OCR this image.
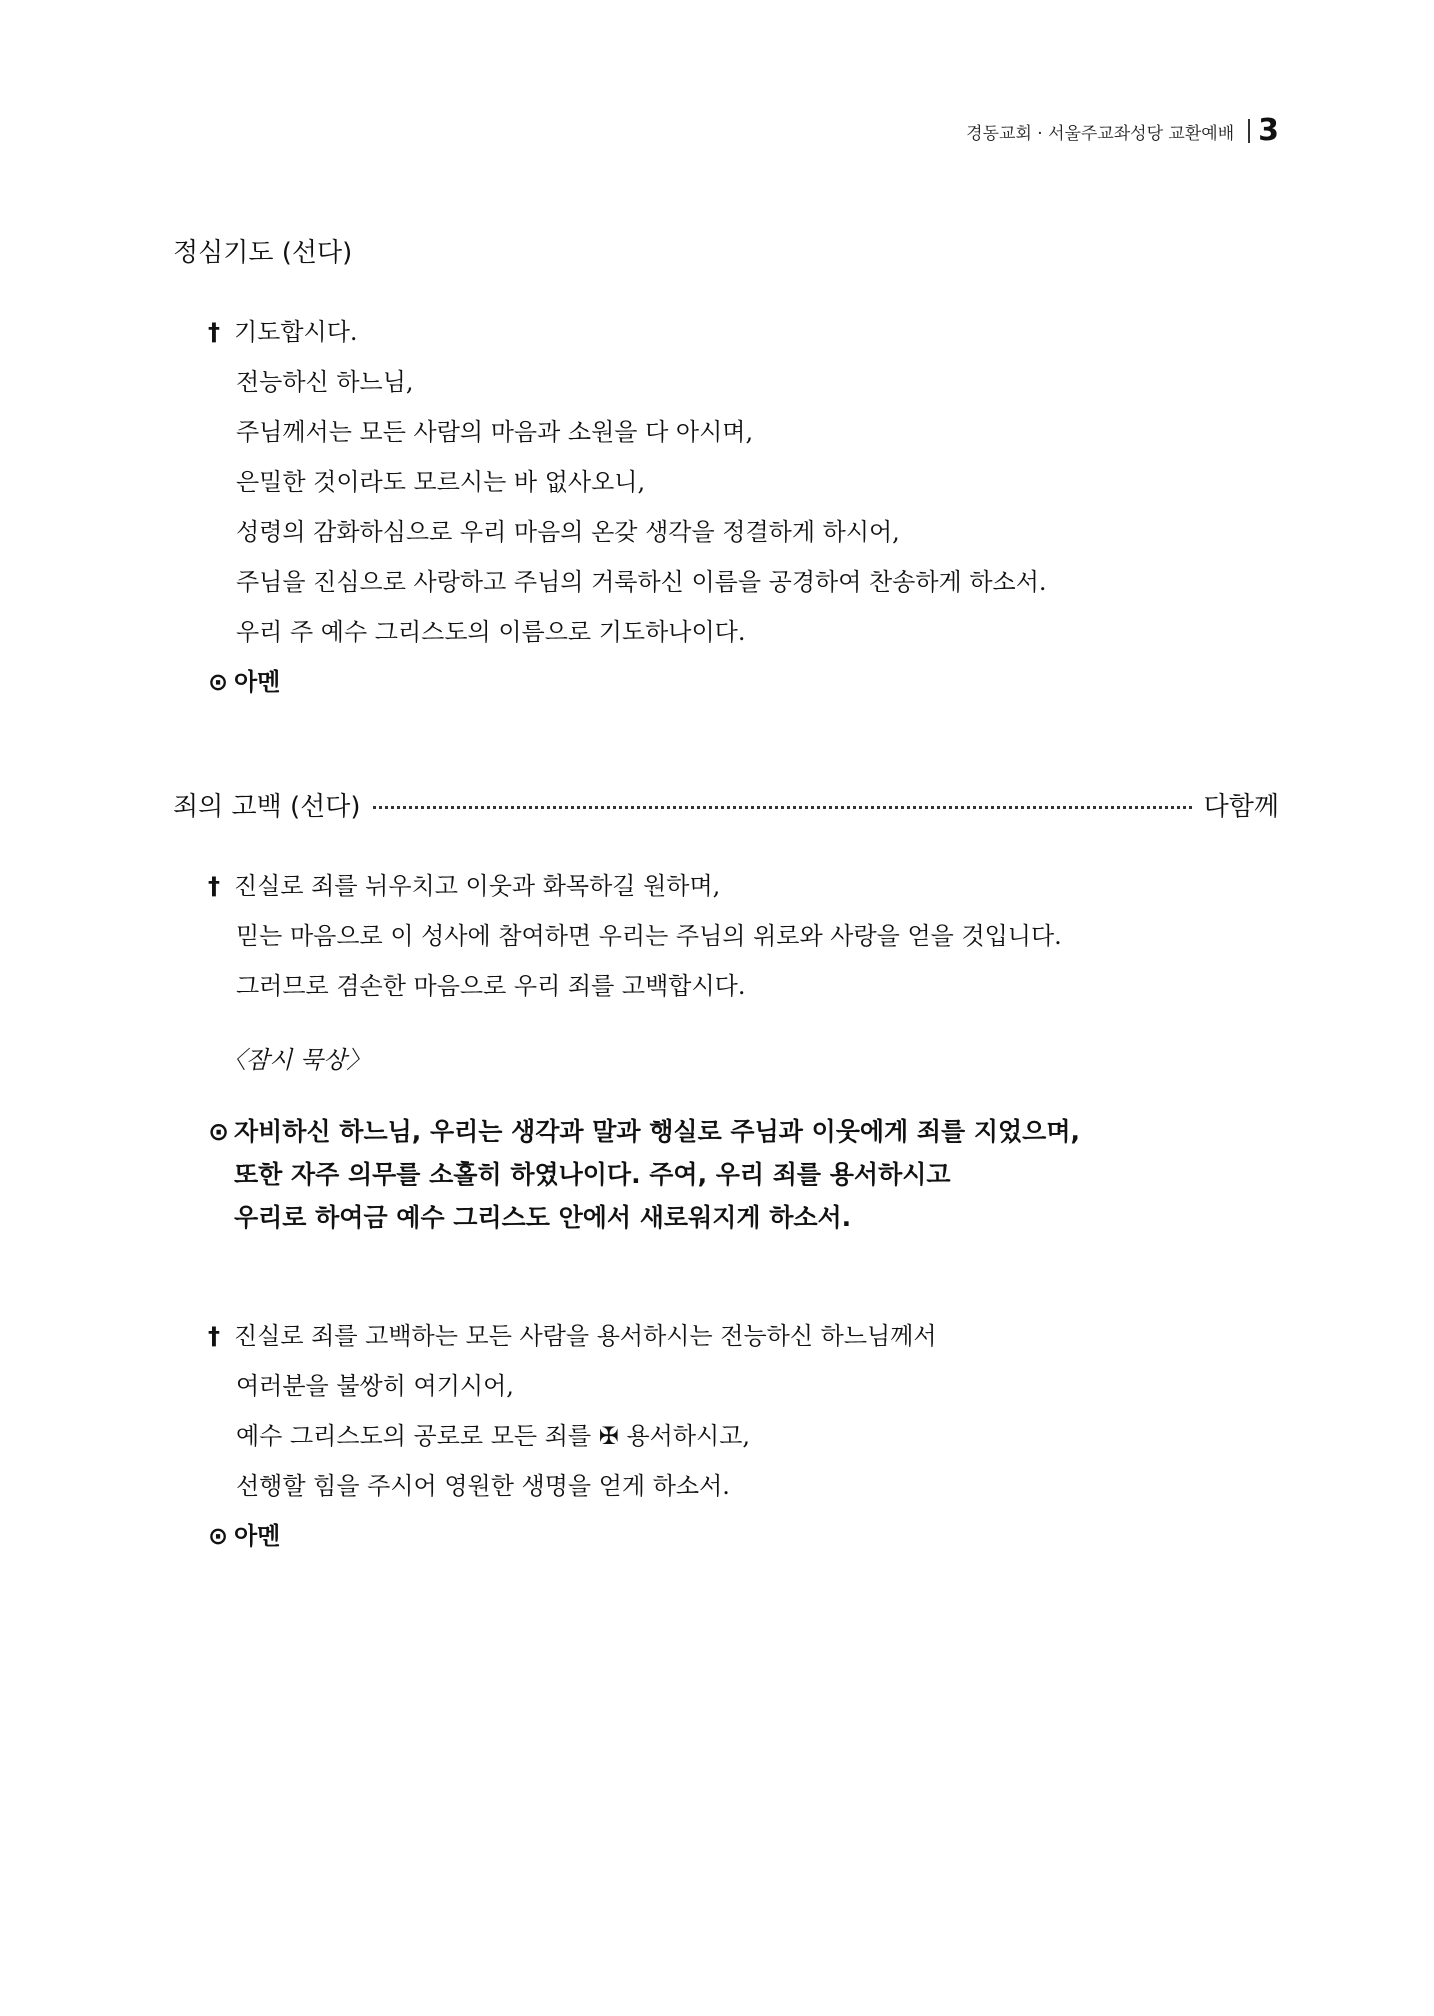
경동교회 · 서울주교좌성당 교환예배 3
정심기도 (선다)
† 기도합시다.
전능하신 하느님,
주님께서는 모든 사람의 마음과 소원을 다 아시며,
은밀한 것이라도 모르시는 바 없사오니,
성령의 감화하심으로 우리 마음의 온갖 생각을 정결하게 하시어,
주님을 진심으로 사랑하고 주님의 거룩하신 이름을 공경하여 찬송하게 하소서.
우리 주 예수 그리스도의 이름으로 기도하나이다.
⊙ 아멘
죄의 고백 (선다)	다함께
† 진실로 죄를 뉘우치고 이웃과 화목하길 원하며,
믿는 마음으로 이 성사에 참여하면 우리는 주님의 위로와 사랑을 얻을 것입니다.
그러므로 겸손한 마음으로 우리 죄를 고백합시다.
〈잠시 묵상〉
⊙ 자비하신 하느님, 우리는 생각과 말과 행실로 주님과 이웃에게 죄를 지었으며,
또한 자주 의무를 소홀히 하였나이다. 주여, 우리 죄를 용서하시고
우리로 하여금 예수 그리스도 안에서 새로워지게 하소서.
† 진실로 죄를 고백하는 모든 사람을 용서하시는 전능하신 하느님께서
여러분을 불쌍히 여기시어,
예수 그리스도의 공로로 모든 죄를 ✠ 용서하시고,
선행할 힘을 주시어 영원한 생명을 얻게 하소서.
⊙ 아멘
